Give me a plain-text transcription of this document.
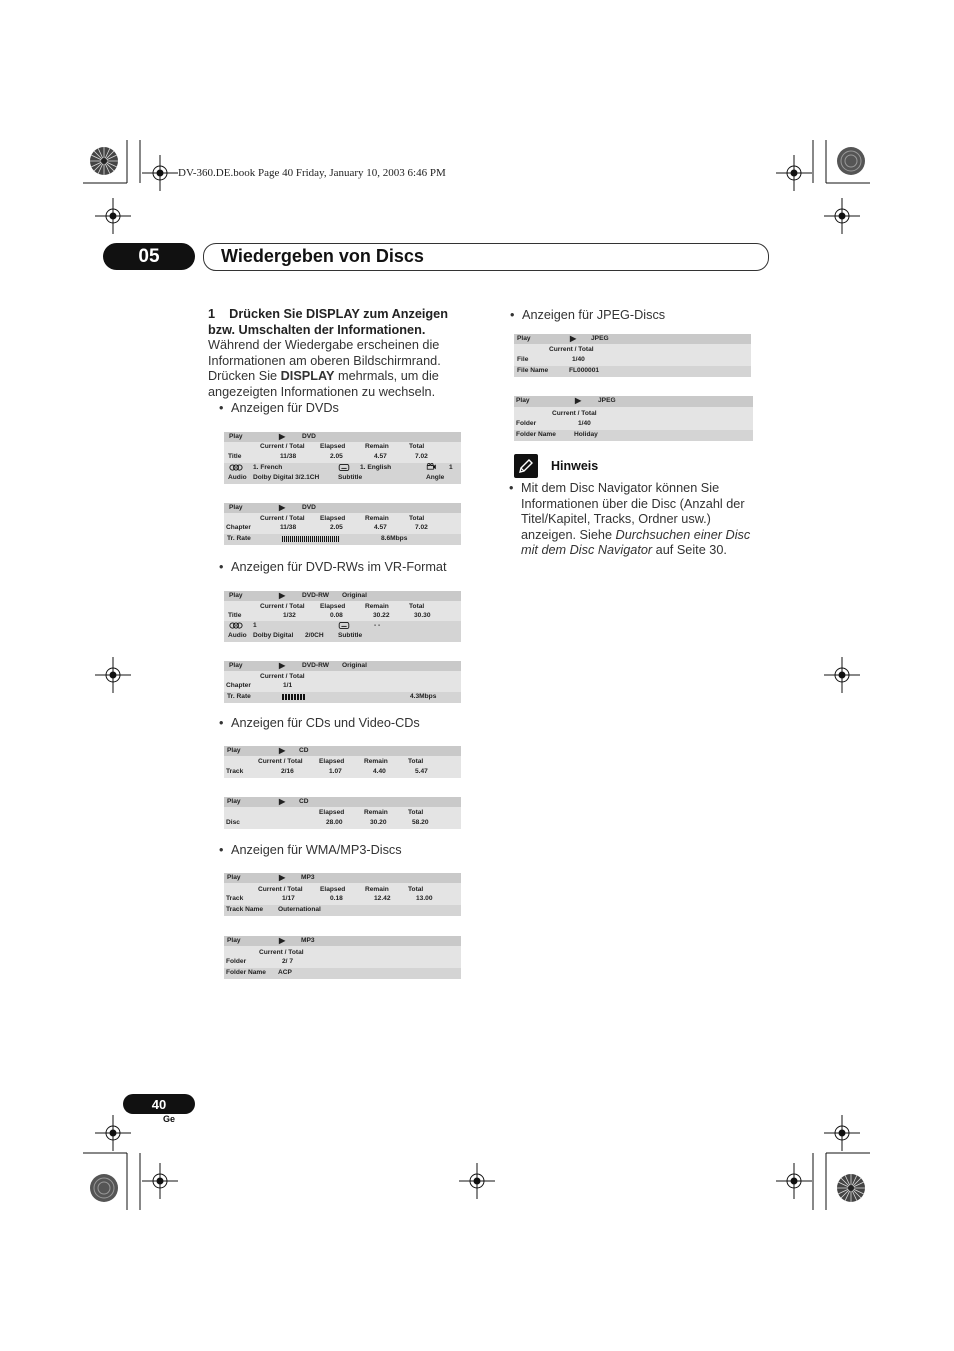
DV-360.DE.book Page 40 Friday, January 10, 2003 6:46 PM
05	Wiedergeben von Discs
1 Drücken Sie DISPLAY zum Anzeigen bzw. Umschalten der Informationen.
Während der Wiedergabe erscheinen die Informationen am oberen Bildschirmrand. Drücken Sie DISPLAY mehrmals, um die angezeigten Informationen zu wechseln.
• Anzeigen für DVDs
Play	▶	DVD
Current / Total Elapsed	Remain	Total
Title	11/38	2.05	4.57	7.02
1. French	1. English	1
Audio Dolby Digital 3/2.1CH	Subtitle	Angle
Play	▶	DVD
Current / Total Elapsed	Remain	Total
Chapter	11/38	2.05	4.57	7.02
Tr. Rate	8.6Mbps
• Anzeigen für DVD-RWs im VR-Format
Play	▶	DVD-RW Original
Current / Total Elapsed	Remain	Total
Title	1/32	0.08	30.22	30.30
1	- -
Audio Dolby Digital 2/0CH Subtitle
Play	▶	DVD-RW Original
Current / Total
Chapter	1/1
Tr. Rate	4.3Mbps
• Anzeigen für CDs und Video-CDs
Play	▶ CD
Current / Total Elapsed	Remain	Total
Track	2/16	1.07	4.40	5.47
Play	▶ CD
Elapsed	Remain	Total
Disc	28.00	30.20	58.20
• Anzeigen für WMA/MP3-Discs
Play	▶ MP3
Current / Total	Elapsed	Remain	Total
Track	1/17	0.18	12.42	13.00
Track Name Outernational
Play	▶ MP3
Current / Total
Folder	2/ 7
Folder Name ACP
• Anzeigen für JPEG-Discs
Play	▶ JPEG
Current / Total
File	1/40
File Name	FL000001
Play	▶	JPEG
Current / Total
Folder	1/40
Folder Name	Holiday
Hinweis
• Mit dem Disc Navigator können Sie Informationen über die Disc (Anzahl der Titel/Kapitel, Tracks, Ordner usw.) anzeigen. Siehe Durchsuchen einer Disc mit dem Disc Navigator auf Seite 30.
40
Ge
